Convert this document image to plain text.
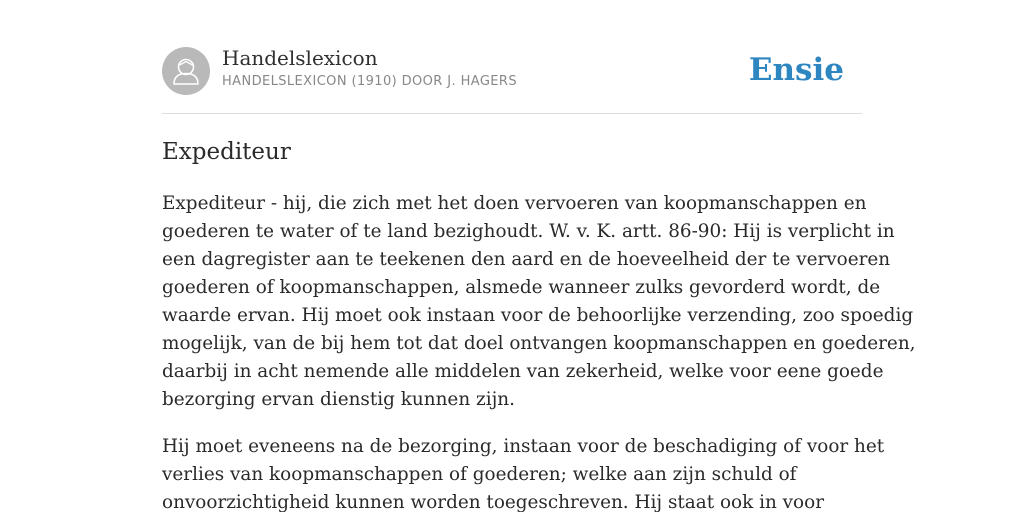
Handelslexicon
HANDELSLEXICON (1910) DOOR J. HAGERS	Ensie
Expediteur

Expediteur - hij, die zich met het doen vervoeren van koopmanschappen en
goederen te water of te land bezighoudt. W. v. K. artt. 86-90: Hij is verplicht in
een dagregister aan te teekenen den aard en de hoeveelheid der te vervoeren
goederen of koopmanschappen, alsmede wanneer zulks gevorderd wordt, de
waarde ervan. Hij moet ook instaan voor de behoorlijke verzending, zoo spoedig
mogelijk, van de bij hem tot dat doel ontvangen koopmanschappen en goederen,
daarbij in acht nemende alle middelen van zekerheid, welke voor eene goede
bezorging ervan dienstig kunnen zijn.

Hij moet eveneens na de bezorging, instaan voor de beschadiging of voor het
verlies van koopmanschappen of goederen; welke aan zijn schuld of
onvoorzichtigheid kunnen worden toegeschreven. Hij staat ook in voor
